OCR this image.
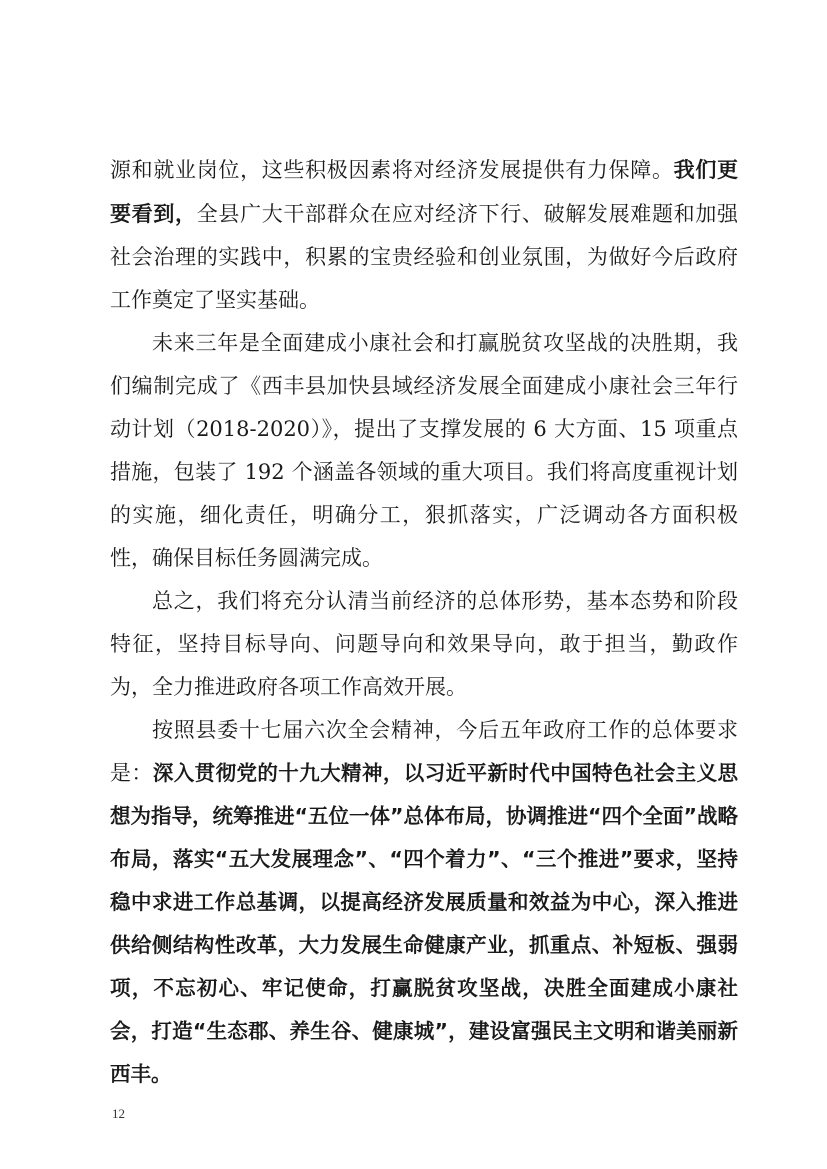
源和就业岗位，这些积极因素将对经济发展提供有力保障。我们更要看到，全县广大干部群众在应对经济下行、破解发展难题和加强社会治理的实践中，积累的宝贵经验和创业氛围，为做好今后政府工作奠定了坚实基础。

未来三年是全面建成小康社会和打赢脱贫攻坚战的决胜期，我们编制完成了《西丰县加快县域经济发展全面建成小康社会三年行动计划（2018-2020）》，提出了支撑发展的 6 大方面、15 项重点措施，包装了 192 个涵盖各领域的重大项目。我们将高度重视计划的实施，细化责任，明确分工，狠抓落实，广泛调动各方面积极性，确保目标任务圆满完成。

总之，我们将充分认清当前经济的总体形势，基本态势和阶段特征，坚持目标导向、问题导向和效果导向，敢于担当，勤政作为，全力推进政府各项工作高效开展。

按照县委十七届六次全会精神，今后五年政府工作的总体要求是：深入贯彻党的十九大精神，以习近平新时代中国特色社会主义思想为指导，统筹推进“五位一体”总体布局，协调推进“四个全面”战略布局，落实“五大发展理念”、“四个着力”、“三个推进”要求，坚持稳中求进工作总基调，以提高经济发展质量和效益为中心，深入推进供给侧结构性改革，大力发展生命健康产业，抓重点、补短板、强弱项，不忘初心、牢记使命，打赢脱贫攻坚战，决胜全面建成小康社会，打造“生态郡、养生谷、健康城”，建设富强民主文明和谐美丽新西丰。

12
